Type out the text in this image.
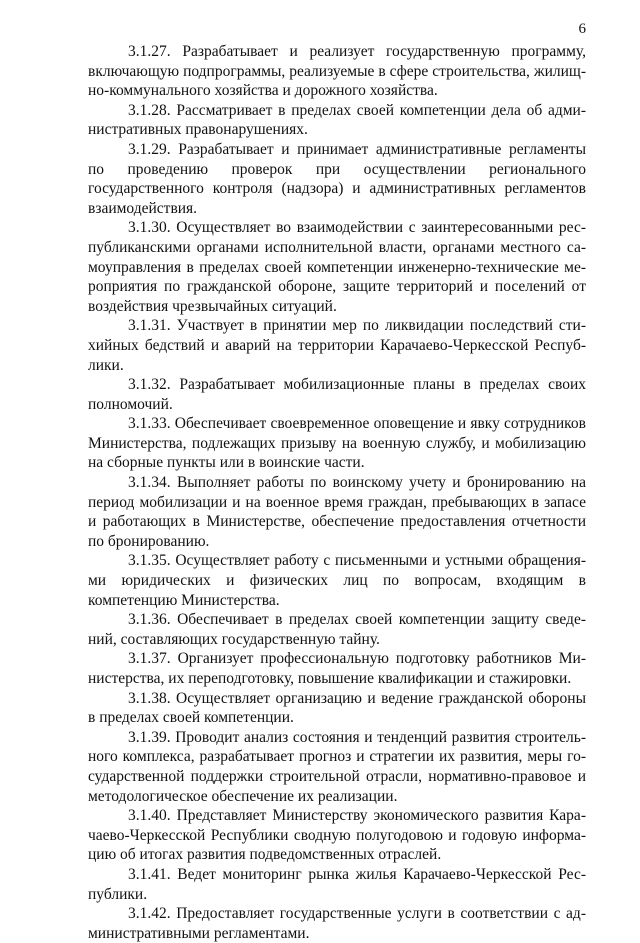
6

3.1.27. Разрабатывает и реализует государственную программу, включающую подпрограммы, реализуемые в сфере строительства, жилищно-коммунального хозяйства и дорожного хозяйства.

3.1.28. Рассматривает в пределах своей компетенции дела об административных правонарушениях.

3.1.29. Разрабатывает и принимает административные регламенты по проведению проверок при осуществлении регионального государственного контроля (надзора) и административных регламентов взаимодействия.

3.1.30. Осуществляет во взаимодействии с заинтересованными республиканскими органами исполнительной власти, органами местного самоуправления в пределах своей компетенции инженерно-технические мероприятия по гражданской обороне, защите территорий и поселений от воздействия чрезвычайных ситуаций.

3.1.31. Участвует в принятии мер по ликвидации последствий стихийных бедствий и аварий на территории Карачаево-Черкесской Республики.

3.1.32. Разрабатывает мобилизационные планы в пределах своих полномочий.

3.1.33. Обеспечивает своевременное оповещение и явку сотрудников Министерства, подлежащих призыву на военную службу, и мобилизацию на сборные пункты или в воинские части.

3.1.34. Выполняет работы по воинскому учету и бронированию на период мобилизации и на военное время граждан, пребывающих в запасе и работающих в Министерстве, обеспечение предоставления отчетности по бронированию.

3.1.35. Осуществляет работу с письменными и устными обращениями юридических и физических лиц по вопросам, входящим в компетенцию Министерства.

3.1.36. Обеспечивает в пределах своей компетенции защиту сведений, составляющих государственную тайну.

3.1.37. Организует профессиональную подготовку работников Министерства, их переподготовку, повышение квалификации и стажировки.

3.1.38. Осуществляет организацию и ведение гражданской обороны в пределах своей компетенции.

3.1.39. Проводит анализ состояния и тенденций развития строительного комплекса, разрабатывает прогноз и стратегии их развития, меры государственной поддержки строительной отрасли, нормативно-правовое и методологическое обеспечение их реализации.

3.1.40. Представляет Министерству экономического развития Карачаево-Черкесской Республики сводную полугодовою и годовую информацию об итогах развития подведомственных отраслей.

3.1.41. Ведет мониторинг рынка жилья Карачаево-Черкесской Республики.

3.1.42. Предоставляет государственные услуги в соответствии с административными регламентами.
